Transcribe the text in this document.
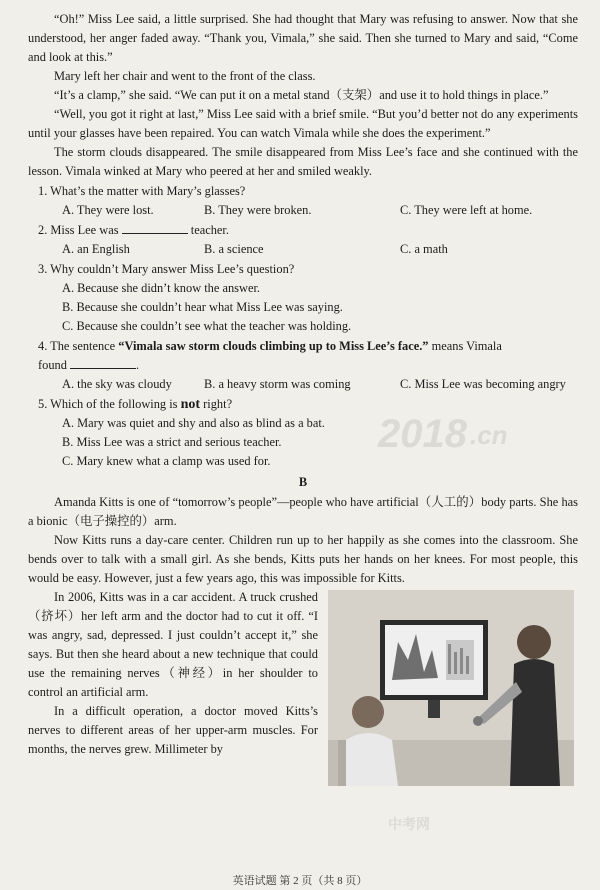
“Oh!” Miss Lee said, a little surprised. She had thought that Mary was refusing to answer. Now that she understood, her anger faded away. “Thank you, Vimala,” she said. Then she turned to Mary and said, “Come and look at this.”

Mary left her chair and went to the front of the class.

“It’s a clamp,” she said. “We can put it on a metal stand（支架）and use it to hold things in place.”

“Well, you got it right at last,” Miss Lee said with a brief smile. “But you’d better not do any experiments until your glasses have been repaired. You can watch Vimala while she does the experiment.”

The storm clouds disappeared. The smile disappeared from Miss Lee’s face and she continued with the lesson. Vimala winked at Mary who peered at her and smiled weakly.

1. What’s the matter with Mary’s glasses?
A. They were lost.	B. They were broken.	C. They were left at home.
2. Miss Lee was	teacher.
A. an English	B. a science	C. a math
3. Why couldn’t Mary answer Miss Lee’s question?
A. Because she didn’t know the answer.
B. Because she couldn’t hear what Miss Lee was saying.
C. Because she couldn’t see what the teacher was holding.
4. The sentence “Vimala saw storm clouds climbing up to Miss Lee’s face.” means Vimala
found	.
A. the sky was cloudy	B. a heavy storm was coming	C. Miss Lee was becoming angry
5. Which of the following is not right?
A. Mary was quiet and shy and also as blind as a bat.
B. Miss Lee was a strict and serious teacher.
C. Mary knew what a clamp was used for.
B

Amanda Kitts is one of “tomorrow’s people”—people who have artificial（人工的）body parts. She has a bionic（电子操控的）arm.

Now Kitts runs a day-care center. Children run up to her happily as she comes into the classroom. She bends over to talk with a small girl. As she bends, Kitts puts her hands on her knees. For most people, this would be easy. However, just a few years ago, this was impossible for Kitts.

In 2006, Kitts was in a car accident. A truck crushed（挤坏）her left arm and the doctor had to cut it off. “I was angry, sad, depressed. I just couldn’t accept it,” she says. But then she heard about a new technique that could use the remaining nerves（神经）in her shoulder to control an artificial arm.

In a difficult operation, a doctor moved Kitts’s nerves to different areas of her upper-arm muscles. For months, the nerves grew. Millimeter by

2018 .cn
中考网
英语试题 第 2 页（共 8 页）
